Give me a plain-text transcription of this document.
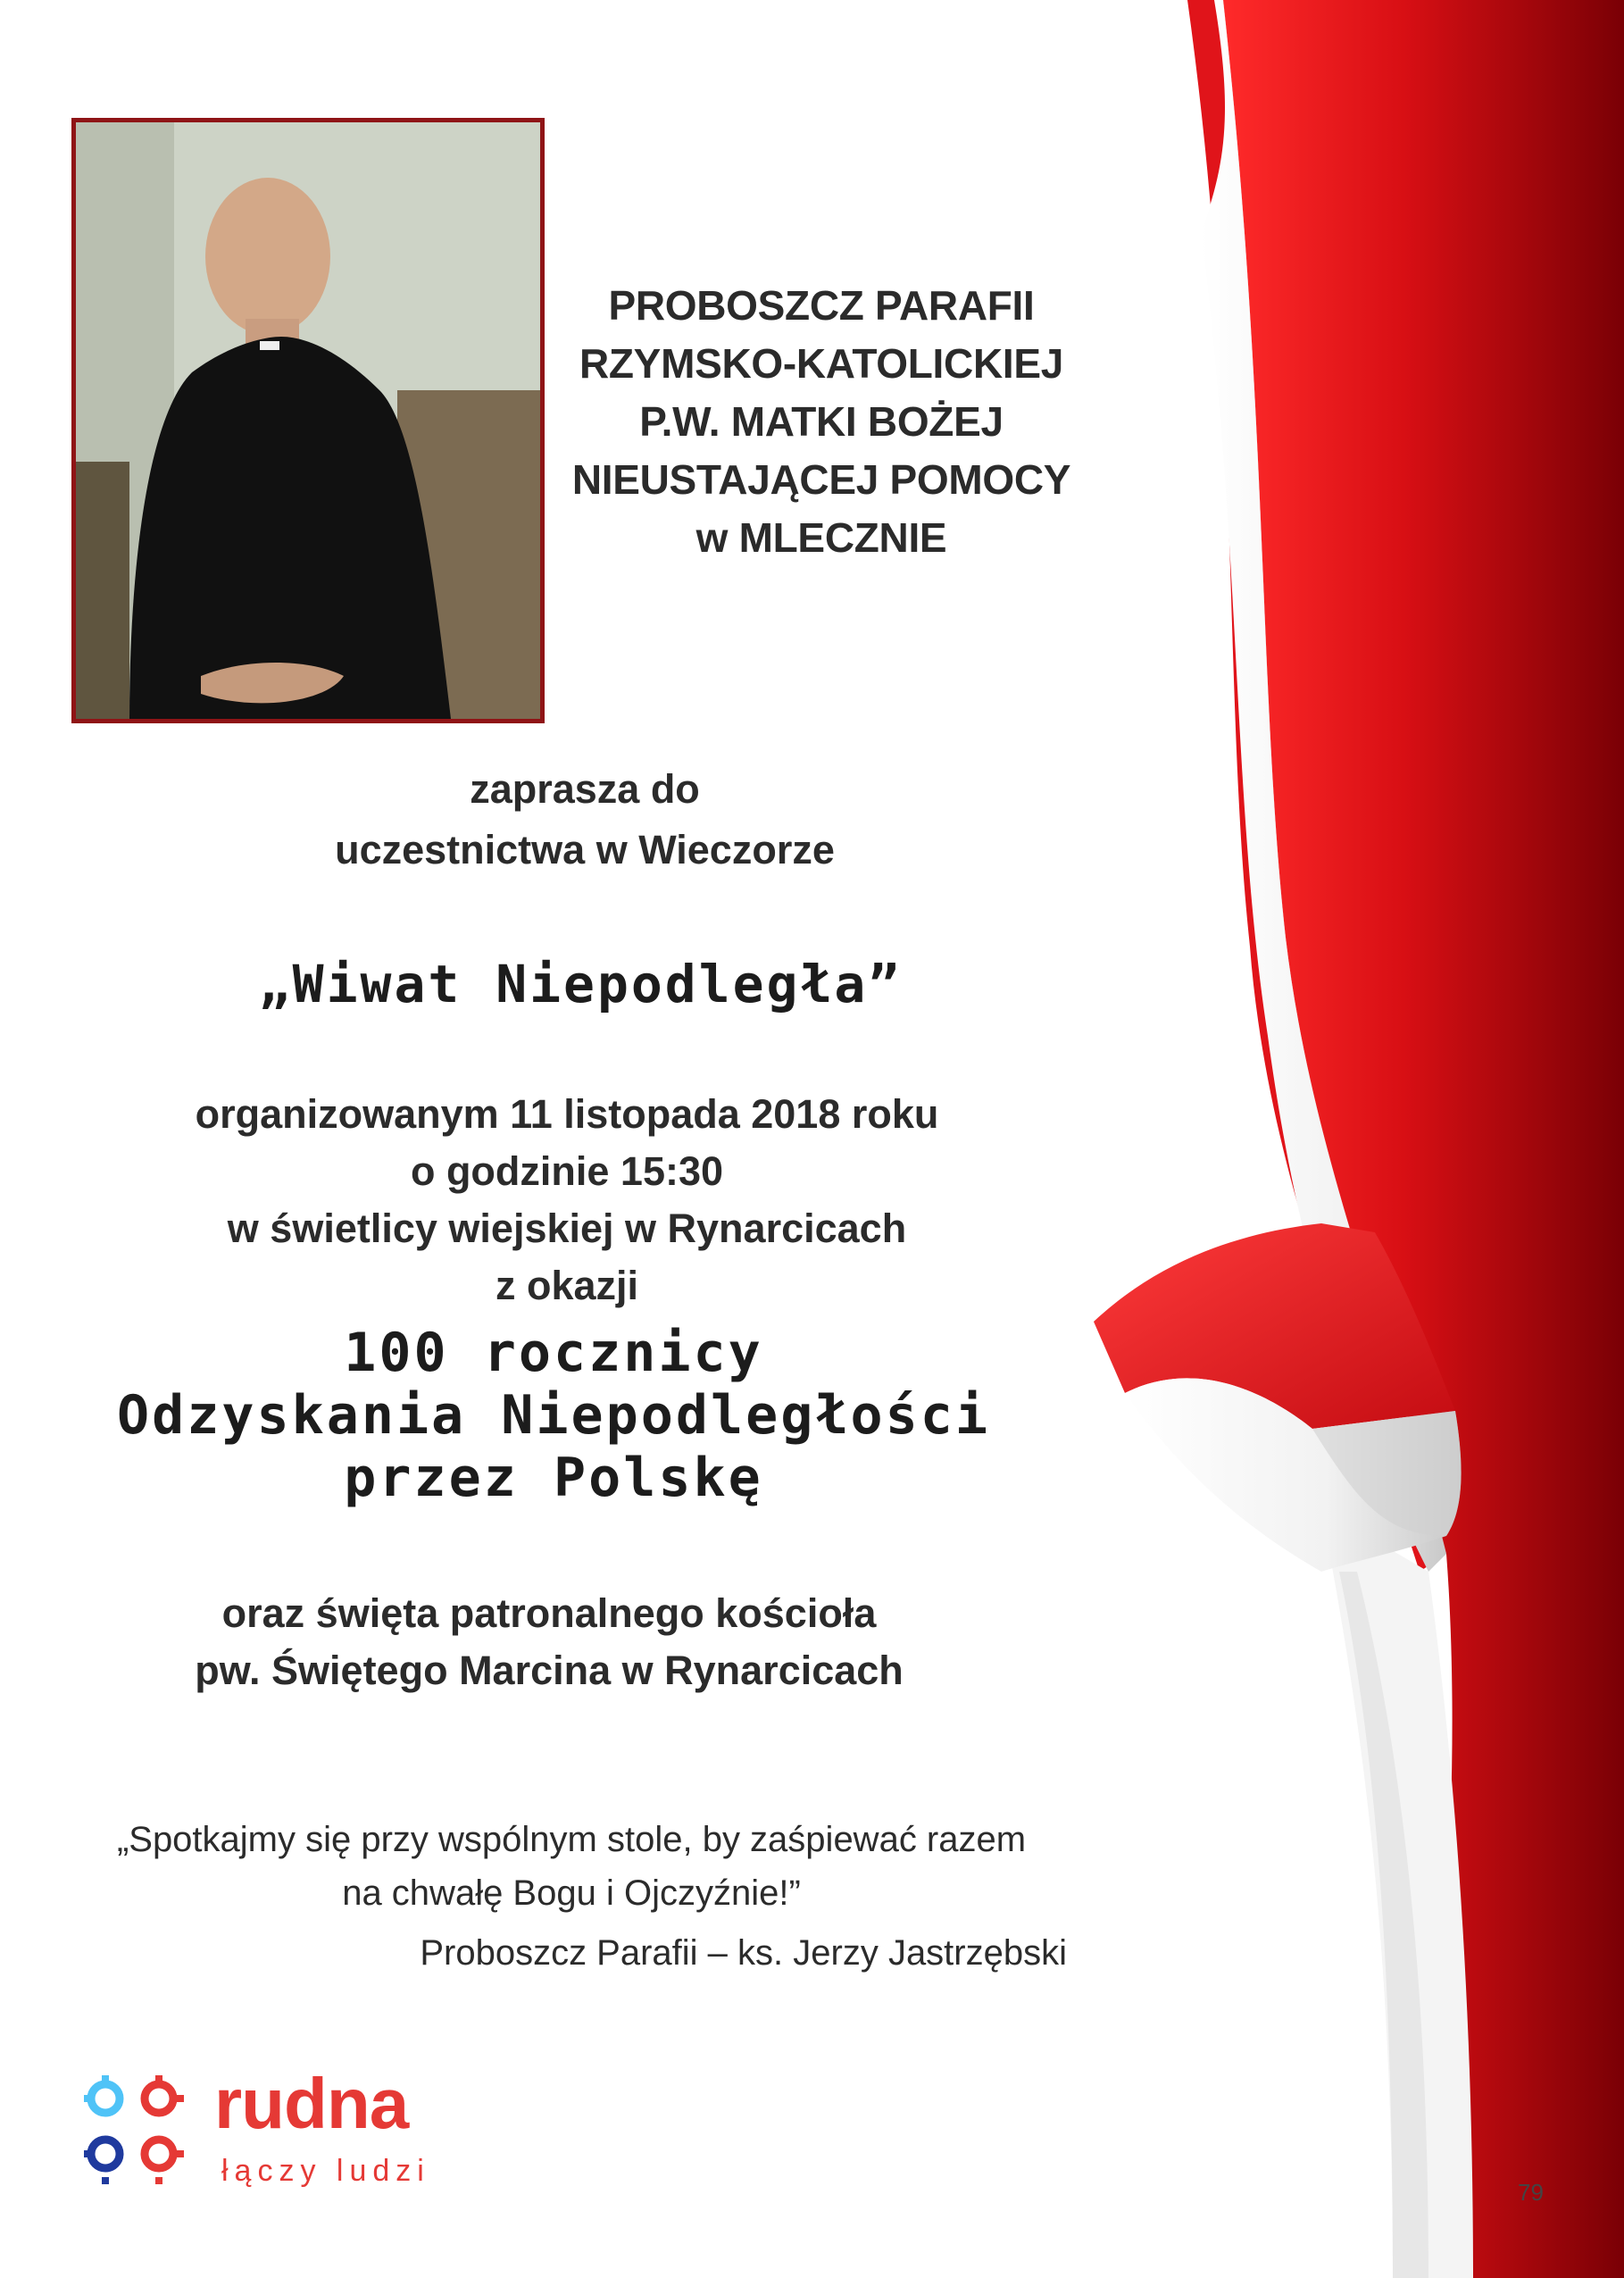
PROBOSZCZ PARAFII
RZYMSKO-KATOLICKIEJ
P.W. MATKI BOŻEJ
NIEUSTAJĄCEJ POMOCY
w MLECZNIE
zaprasza do
uczestnictwa w Wieczorze
„Wiwat Niepodległa”
organizowanym 11 listopada 2018 roku
o godzinie 15:30
w świetlicy wiejskiej w Rynarcicach
z okazji
100 rocznicy
Odzyskania Niepodległości
przez Polskę
oraz święta patronalnego kościoła
pw. Świętego Marcina w Rynarcicach
„Spotkajmy się przy wspólnym stole, by zaśpiewać razem
na chwałę Bogu i Ojczyźnie!”
Proboszcz Parafii – ks. Jerzy Jastrzębski
rudna
łączy ludzi
79
